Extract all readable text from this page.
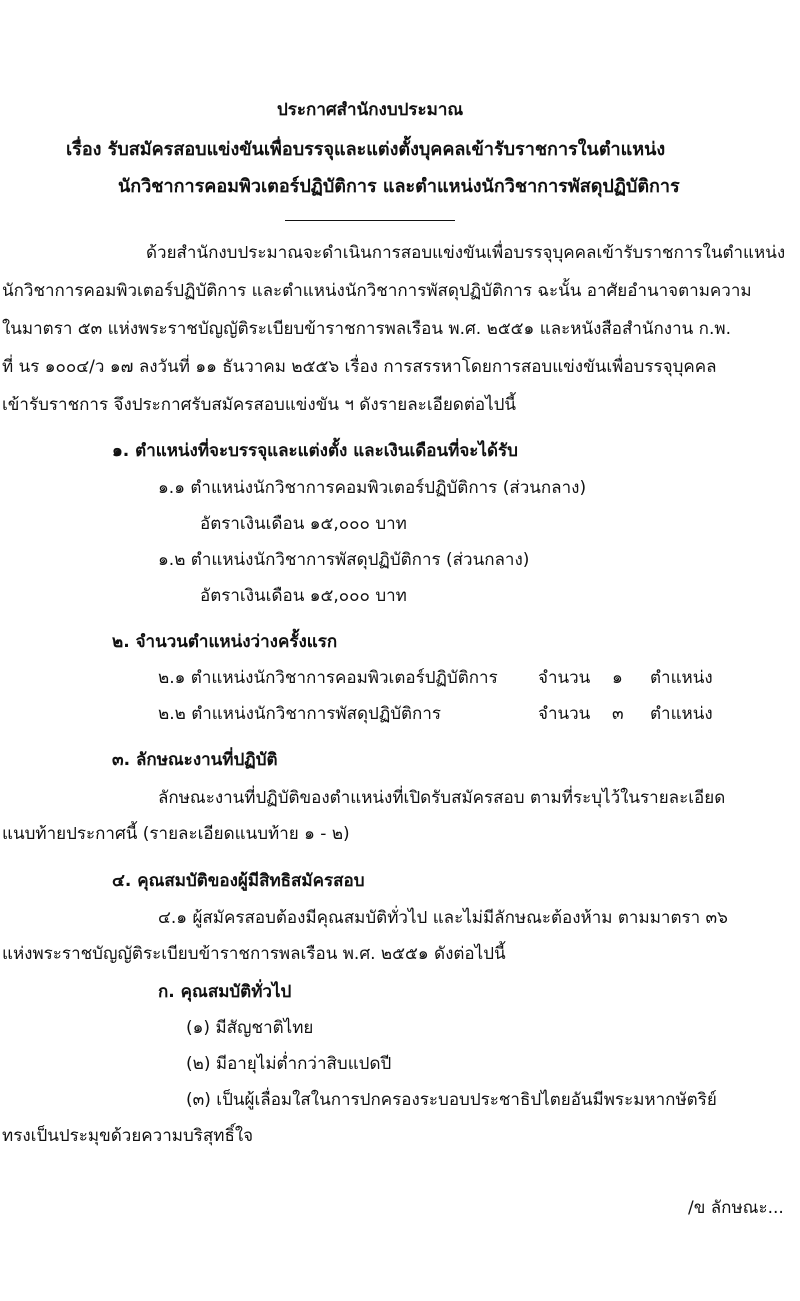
ประกาศสำนักงบประมาณ
เรื่อง รับสมัครสอบแข่งขันเพื่อบรรจุและแต่งตั้งบุคคลเข้ารับราชการในตำแหน่ง
นักวิชาการคอมพิวเตอร์ปฏิบัติการ และตำแหน่งนักวิชาการพัสดุปฏิบัติการ
ด้วยสำนักงบประมาณจะดำเนินการสอบแข่งขันเพื่อบรรจุบุคคลเข้ารับราชการในตำแหน่ง
นักวิชาการคอมพิวเตอร์ปฏิบัติการ และตำแหน่งนักวิชาการพัสดุปฏิบัติการ ฉะนั้น อาศัยอำนาจตามความ
ในมาตรา ๕๓ แห่งพระราชบัญญัติระเบียบข้าราชการพลเรือน พ.ศ. ๒๕๕๑ และหนังสือสำนักงาน ก.พ.
ที่ นร ๑๐๐๔/ว ๑๗ ลงวันที่ ๑๑ ธันวาคม ๒๕๕๖ เรื่อง การสรรหาโดยการสอบแข่งขันเพื่อบรรจุบุคคล
เข้ารับราชการ จึงประกาศรับสมัครสอบแข่งขัน ฯ ดังรายละเอียดต่อไปนี้
๑. ตำแหน่งที่จะบรรจุและแต่งตั้ง และเงินเดือนที่จะได้รับ
๑.๑ ตำแหน่งนักวิชาการคอมพิวเตอร์ปฏิบัติการ (ส่วนกลาง)
อัตราเงินเดือน ๑๕,๐๐๐ บาท
๑.๒ ตำแหน่งนักวิชาการพัสดุปฏิบัติการ (ส่วนกลาง)
อัตราเงินเดือน ๑๕,๐๐๐ บาท
๒. จำนวนตำแหน่งว่างครั้งแรก
๒.๑ ตำแหน่งนักวิชาการคอมพิวเตอร์ปฏิบัติการ จำนวน ๑ ตำแหน่ง
๒.๒ ตำแหน่งนักวิชาการพัสดุปฏิบัติการ	จำนวน ๓ ตำแหน่ง
๓. ลักษณะงานที่ปฏิบัติ
ลักษณะงานที่ปฏิบัติของตำแหน่งที่เปิดรับสมัครสอบ ตามที่ระบุไว้ในรายละเอียด
แนบท้ายประกาศนี้ (รายละเอียดแนบท้าย ๑ - ๒)
๔. คุณสมบัติของผู้มีสิทธิสมัครสอบ
๔.๑ ผู้สมัครสอบต้องมีคุณสมบัติทั่วไป และไม่มีลักษณะต้องห้าม ตามมาตรา ๓๖
แห่งพระราชบัญญัติระเบียบข้าราชการพลเรือน พ.ศ. ๒๕๕๑ ดังต่อไปนี้
ก. คุณสมบัติทั่วไป
(๑) มีสัญชาติไทย
(๒) มีอายุไม่ต่ำกว่าสิบแปดปี
(๓) เป็นผู้เลื่อมใสในการปกครองระบอบประชาธิปไตยอันมีพระมหากษัตริย์
ทรงเป็นประมุขด้วยความบริสุทธิ์ใจ
/ข ลักษณะ...
